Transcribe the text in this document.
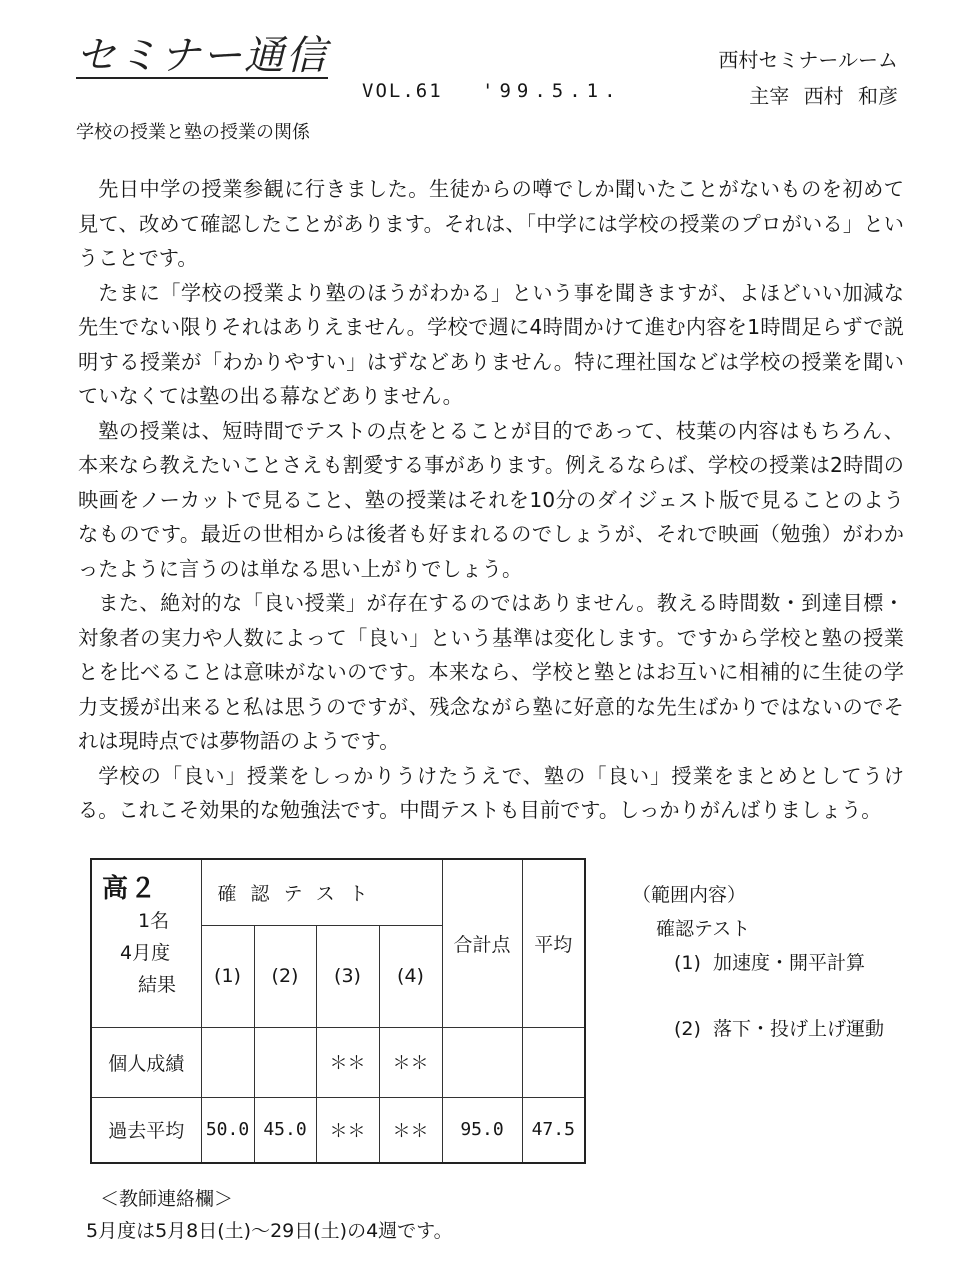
セミナー通信	西村セミナールーム
VOL.61 '99.5.1.	主宰 西村 和彦
学校の授業と塾の授業の関係

先日中学の授業参観に行きました。生徒からの噂でしか聞いたことがないものを初めて見て、改めて確認したことがあります。それは、「中学には学校の授業のプロがいる」ということです。

たまに「学校の授業より塾のほうがわかる」という事を聞きますが、よほどいい加減な先生でない限りそれはありえません。学校で週に4時間かけて進む内容を1時間足らずで説明する授業が「わかりやすい」はずなどありません。特に理社国などは学校の授業を聞いていなくては塾の出る幕などありません。

塾の授業は、短時間でテストの点をとることが目的であって、枝葉の内容はもちろん、本来なら教えたいことさえも割愛する事があります。例えるならば、学校の授業は2時間の映画をノーカットで見ること、塾の授業はそれを10分のダイジェスト版で見ることのようなものです。最近の世相からは後者も好まれるのでしょうが、それで映画（勉強）がわかったように言うのは単なる思い上がりでしょう。

また、絶対的な「良い授業」が存在するのではありません。教える時間数・到達目標・対象者の実力や人数によって「良い」という基準は変化します。ですから学校と塾の授業とを比べることは意味がないのです。本来なら、学校と塾とはお互いに相補的に生徒の学力支援が出来ると私は思うのですが、残念ながら塾に好意的な先生ばかりではないのでそれは現時点では夢物語のようです。

学校の「良い」授業をしっかりうけたうえで、塾の「良い」授業をまとめとしてうける。これこそ効果的な勉強法です。中間テストも目前です。しっかりがんばりましょう。

高２
1名
4月度
結果	確認テスト				合計点	平均
	(1)	(2)	(3)	(4)		
個人成績			＊＊	＊＊		
過去平均	50.0	45.0	＊＊	＊＊	95.0	47.5
（範囲内容）
確認テスト
(1) 加速度・開平計算
(2) 落下・投げ上げ運動
＜教師連絡欄＞
5月度は5月8日(土)～29日(土)の4週です。
